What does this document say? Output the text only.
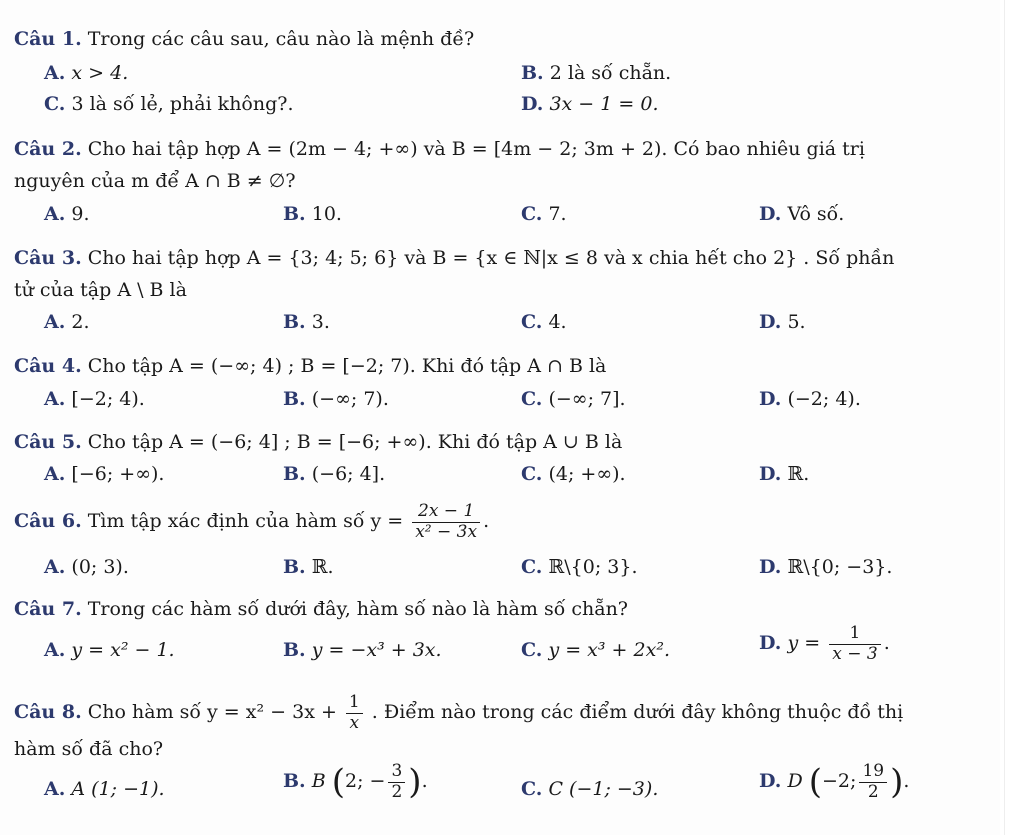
Câu 1. Trong các câu sau, câu nào là mệnh đề?
A. x > 4.	B. 2 là số chẵn.
C. 3 là số lẻ, phải không?.	D. 3x − 1 = 0.
Câu 2. Cho hai tập hợp A = (2m − 4; +∞) và B = [4m − 2; 3m + 2). Có bao nhiêu giá trị
nguyên của m để A ∩ B ≠ ∅?
A. 9.	B. 10.	C. 7.	D. Vô số.
Câu 3. Cho hai tập hợp A = {3; 4; 5; 6} và B = {x ∈ ℕ|x ≤ 8 và x chia hết cho 2} . Số phần
tử của tập A \ B là
A. 2.	B. 3.	C. 4.	D. 5.
Câu 4. Cho tập A = (−∞; 4) ; B = [−2; 7). Khi đó tập A ∩ B là
A. [−2; 4).	B. (−∞; 7).	C. (−∞; 7].	D. (−2; 4).
Câu 5. Cho tập A = (−6; 4] ; B = [−6; +∞). Khi đó tập A ∪ B là
A. [−6; +∞).	B. (−6; 4].	C. (4; +∞).	D. ℝ.
Câu 6. Tìm tập xác định của hàm số $y = \frac{2x - 1}{\text{x² − 3x}}$ .
A. (0; 3).	B. ℝ.	C. ℝ\{0; 3}.	D. ℝ\{0; −3}.
Câu 7. Trong các hàm số dưới đây, hàm số nào là hàm số chẵn?
A. y = x² − 1.	B. y = −x³ + 3x.	C. y = x³ + 2x².	D. $y = \frac{1}{x - 3}$ .
Câu 8. Cho hàm số $y = x^2 - 3x + \frac{1}{x}$ . Điểm nào trong các điểm dưới đây không thuộc đồ thị
hàm số đã cho?
A. A (1; −1).	B. B (2; − $\frac{3}{2}$ ).	C. C (−1; −3).	D. D (−2; $\frac{19}{2}$ ).
